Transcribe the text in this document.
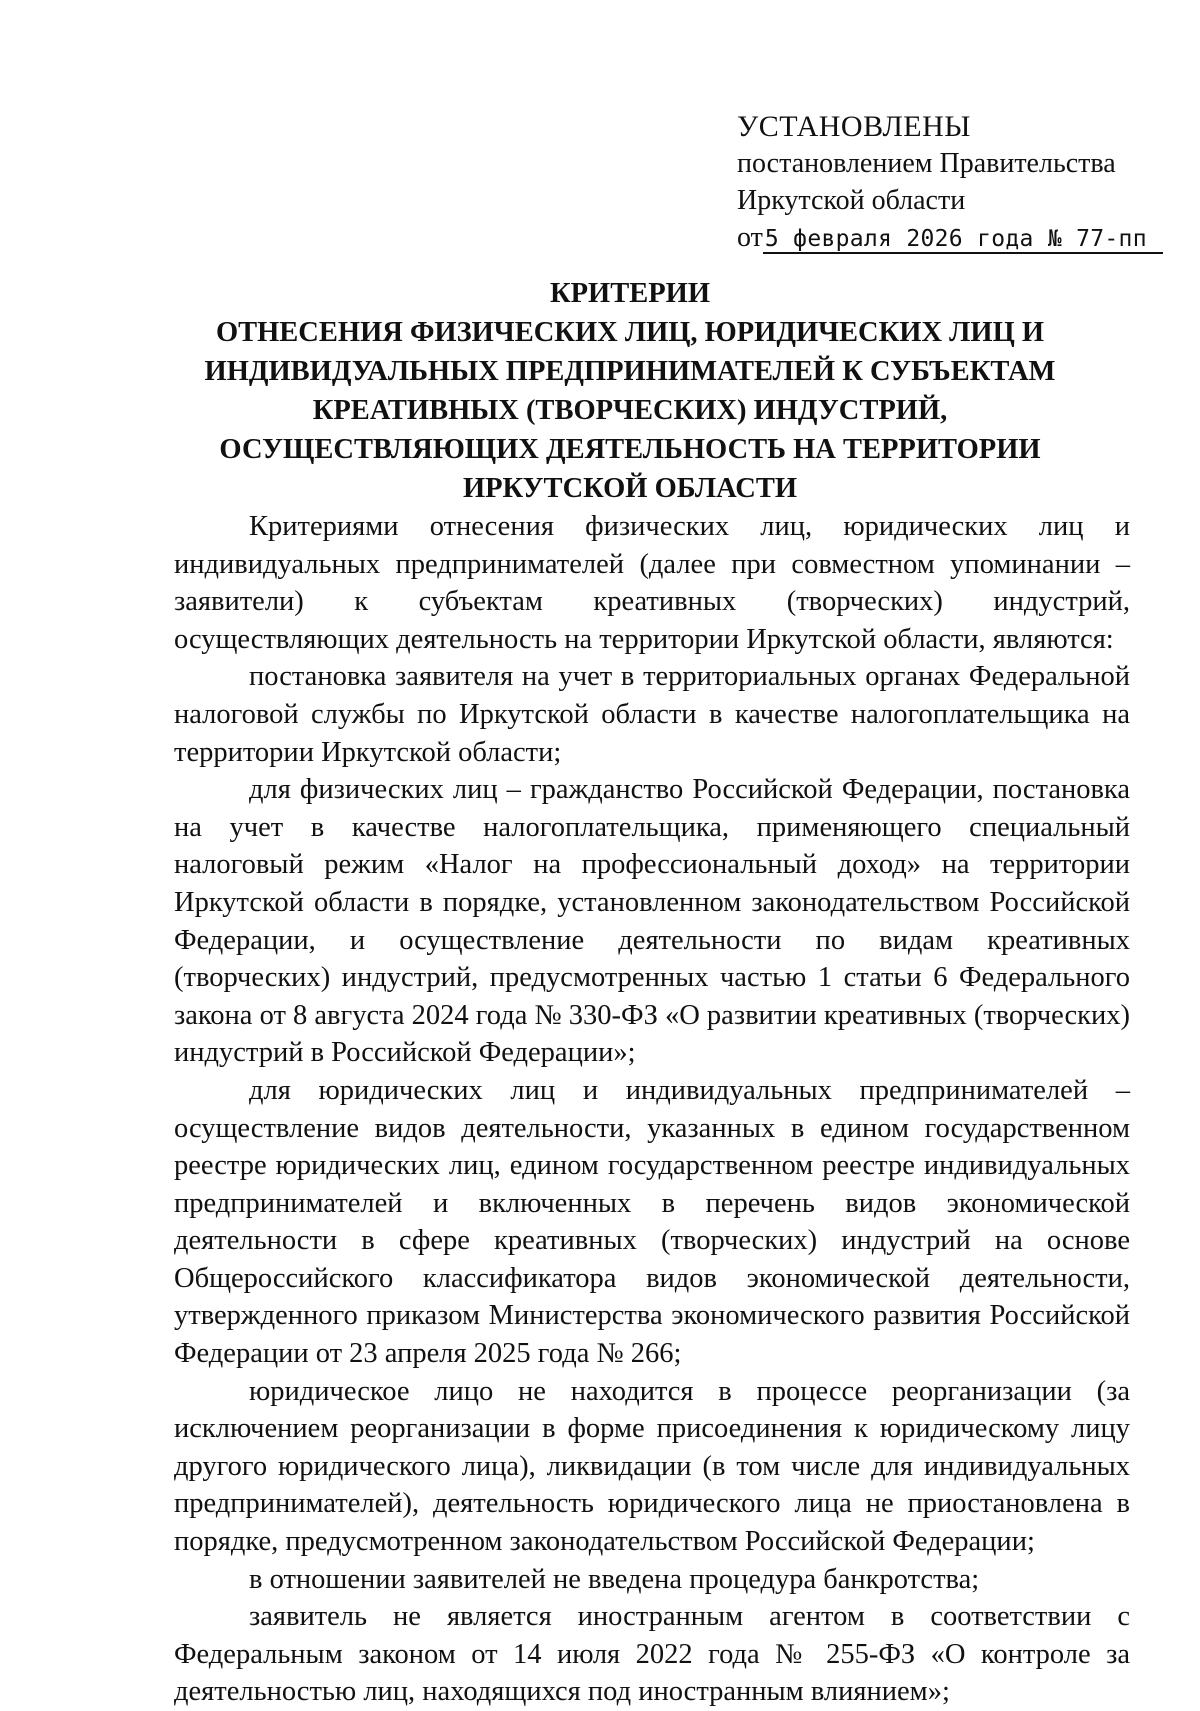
УСТАНОВЛЕНЫ
постановлением Правительства
Иркутской области
от5 февраля 2026 года № 77-пп
КРИТЕРИИ
ОТНЕСЕНИЯ ФИЗИЧЕСКИХ ЛИЦ, ЮРИДИЧЕСКИХ ЛИЦ И
ИНДИВИДУАЛЬНЫХ ПРЕДПРИНИМАТЕЛЕЙ К СУБЪЕКТАМ
КРЕАТИВНЫХ (ТВОРЧЕСКИХ) ИНДУСТРИЙ,
ОСУЩЕСТВЛЯЮЩИХ ДЕЯТЕЛЬНОСТЬ НА ТЕРРИТОРИИ
ИРКУТСКОЙ ОБЛАСТИ

Критериями отнесения физических лиц, юридических лиц и индивидуальных предпринимателей (далее при совместном упоминании – заявители) к субъектам креативных (творческих) индустрий, осуществляющих деятельность на территории Иркутской области, являются:

постановка заявителя на учет в территориальных органах Федеральной налоговой службы по Иркутской области в качестве налогоплательщика на территории Иркутской области;

для физических лиц – гражданство Российской Федерации, постановка на учет в качестве налогоплательщика, применяющего специальный налоговый режим «Налог на профессиональный доход» на территории Иркутской области в порядке, установленном законодательством Российской Федерации, и осуществление деятельности по видам креативных (творческих) индустрий, предусмотренных частью 1 статьи 6 Федерального закона от 8 августа 2024 года № 330-ФЗ «О развитии креативных (творческих) индустрий в Российской Федерации»;

для юридических лиц и индивидуальных предпринимателей – осуществление видов деятельности, указанных в едином государственном реестре юридических лиц, едином государственном реестре индивидуальных предпринимателей и включенных в перечень видов экономической деятельности в сфере креативных (творческих) индустрий на основе Общероссийского классификатора видов экономической деятельности, утвержденного приказом Министерства экономического развития Российской Федерации от 23 апреля 2025 года № 266;

юридическое лицо не находится в процессе реорганизации (за исключением реорганизации в форме присоединения к юридическому лицу другого юридического лица), ликвидации (в том числе для индивидуальных предпринимателей), деятельность юридического лица не приостановлена в порядке, предусмотренном законодательством Российской Федерации;

в отношении заявителей не введена процедура банкротства;

заявитель не является иностранным агентом в соответствии с Федеральным законом от 14 июля 2022 года № 255-ФЗ «О контроле за деятельностью лиц, находящихся под иностранным влиянием»;
